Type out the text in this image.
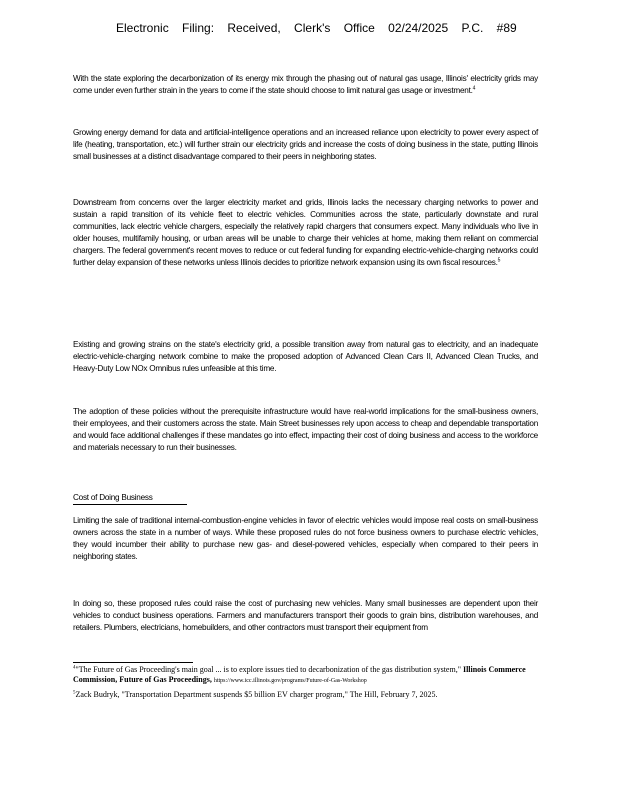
Electronic Filing: Received, Clerk's Office 02/24/2025 P.C. #89

With the state exploring the decarbonization of its energy mix through the phasing out of natural gas usage, Illinois' electricity grids may come under even further strain in the years to come if the state should choose to limit natural gas usage or investment.$^4$

Growing energy demand for data and artificial-intelligence operations and an increased reliance upon electricity to power every aspect of life (heating, transportation, etc.) will further strain our electricity grids and increase the costs of doing business in the state, putting Illinois small businesses at a distinct disadvantage compared to their peers in neighboring states.

Downstream from concerns over the larger electricity market and grids, Illinois lacks the necessary charging networks to power and sustain a rapid transition of its vehicle fleet to electric vehicles. Communities across the state, particularly downstate and rural communities, lack electric vehicle chargers, especially the relatively rapid chargers that consumers expect. Many individuals who live in older houses, multifamily housing, or urban areas will be unable to charge their vehicles at home, making them reliant on commercial chargers. The federal government's recent moves to reduce or cut federal funding for expanding electric-vehicle-charging networks could further delay expansion of these networks unless Illinois decides to prioritize network expansion using its own fiscal resources.$^5$

Existing and growing strains on the state's electricity grid, a possible transition away from natural gas to electricity, and an inadequate electric-vehicle-charging network combine to make the proposed adoption of Advanced Clean Cars II, Advanced Clean Trucks, and Heavy-Duty Low NOx Omnibus rules unfeasible at this time.

The adoption of these policies without the prerequisite infrastructure would have real-world implications for the small-business owners, their employees, and their customers across the state. Main Street businesses rely upon access to cheap and dependable transportation and would face additional challenges if these mandates go into effect, impacting their cost of doing business and access to the workforce and materials necessary to run their businesses.

Cost of Doing Business

Limiting the sale of traditional internal-combustion-engine vehicles in favor of electric vehicles would impose real costs on small-business owners across the state in a number of ways. While these proposed rules do not force business owners to purchase electric vehicles, they would incumber their ability to purchase new gas- and diesel-powered vehicles, especially when compared to their peers in neighboring states.

In doing so, these proposed rules could raise the cost of purchasing new vehicles. Many small businesses are dependent upon their vehicles to conduct business operations. Farmers and manufacturers transport their goods to grain bins, distribution warehouses, and retailers. Plumbers, electricians, homebuilders, and other contractors must transport their equipment from

$^4$"The Future of Gas Proceeding's main goal ... is to explore issues tied to decarbonization of the gas distribution system," Illinois Commerce Commission, Future of Gas Proceedings, https://www.icc.illinois.gov/programs/Future-of-Gas-Workshop
$^5$Zack Budryk, "Transportation Department suspends $5 billion EV charger program," The Hill, February 7, 2025.
